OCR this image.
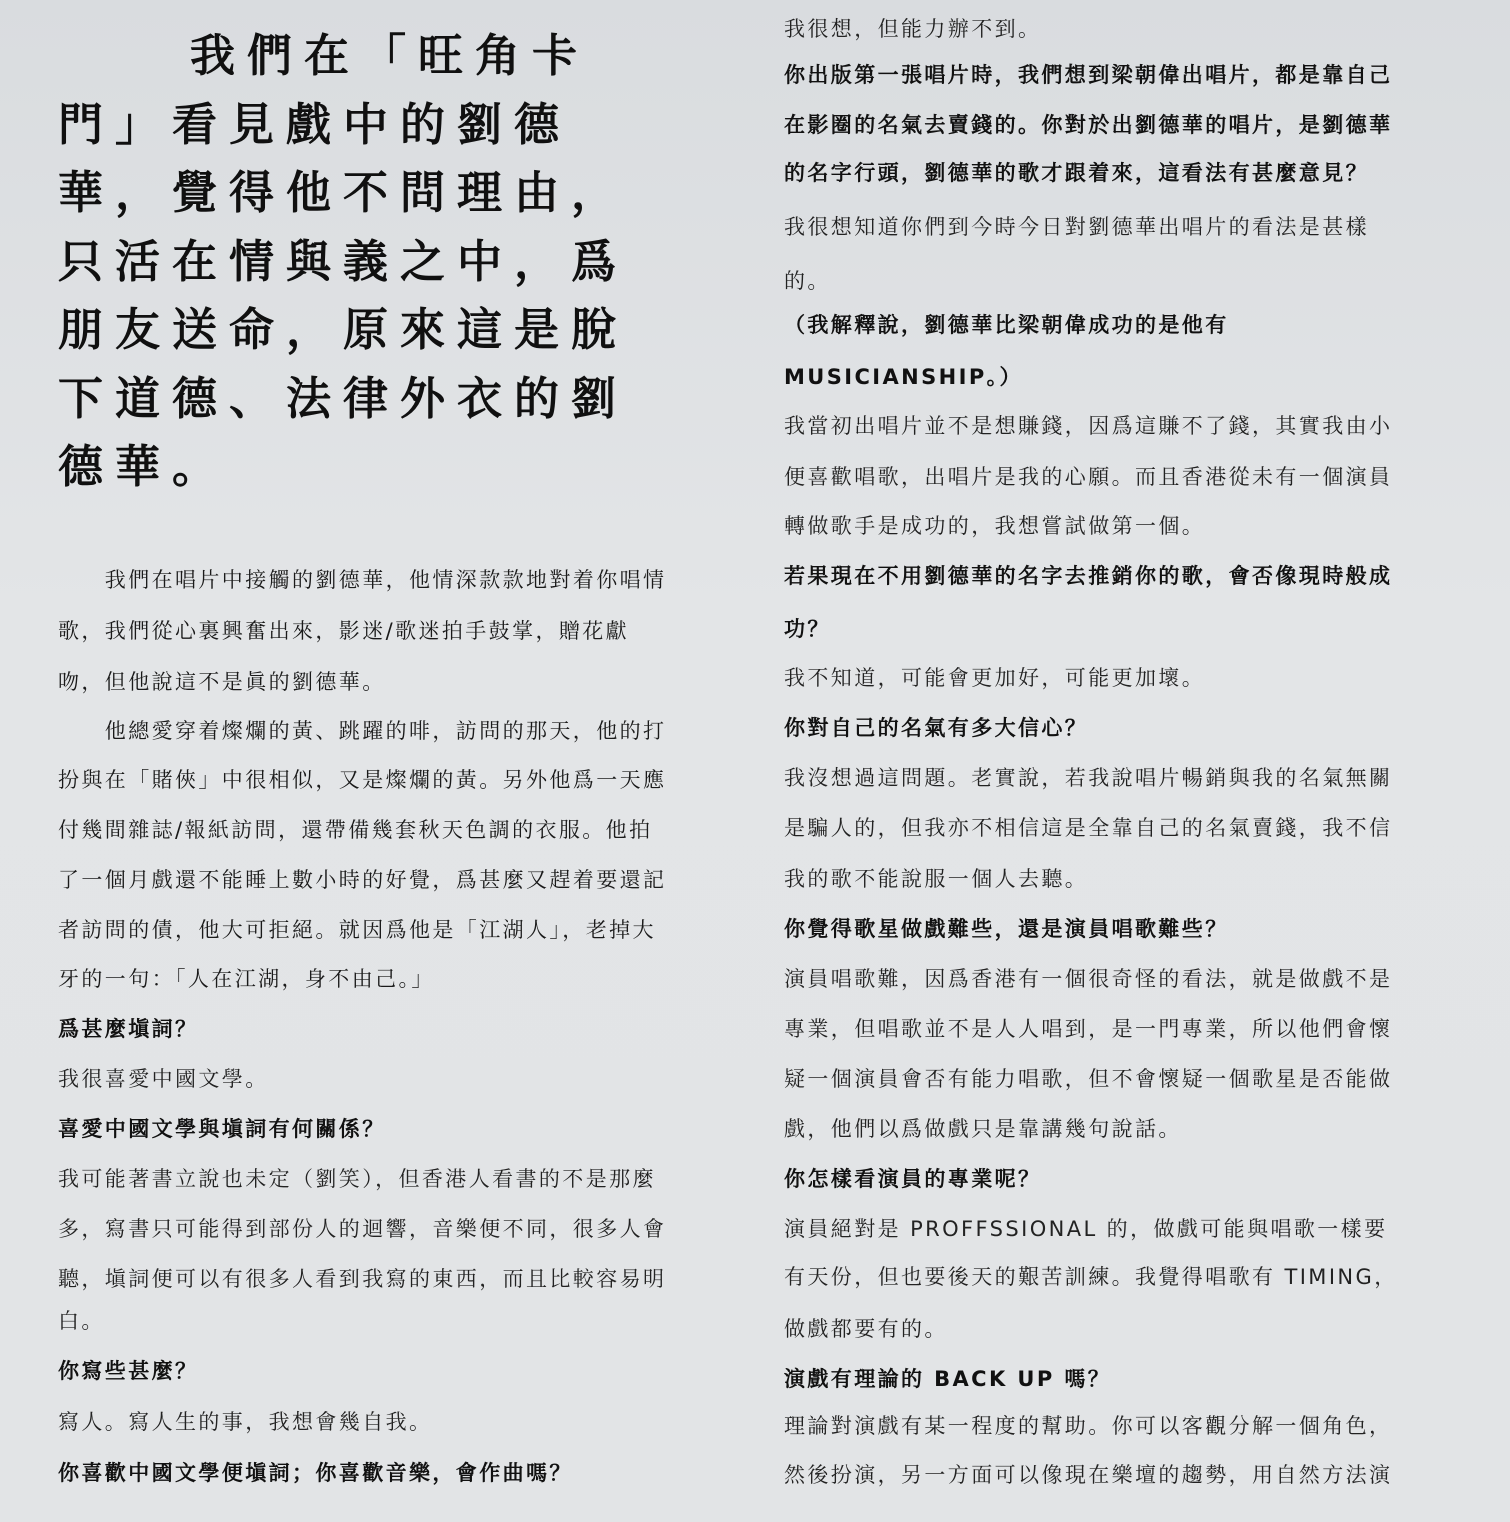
我們在「旺角卡
門」看見戲中的劉德
華，覺得他不問理由，
只活在情與義之中，爲
朋友送命，原來這是脫
下道德、法律外衣的劉
德華。
　　我們在唱片中接觸的劉德華，他情深款款地對着你唱情
歌，我們從心裏興奮出來，影迷/歌迷拍手鼓掌，贈花獻
吻，但他說這不是眞的劉德華。
　　他總愛穿着燦爛的黃、跳躍的啡，訪問的那天，他的打
扮與在「賭俠」中很相似，又是燦爛的黃。另外他爲一天應
付幾間雜誌/報紙訪問，還帶備幾套秋天色調的衣服。他拍
了一個月戲還不能睡上數小時的好覺，爲甚麼又趕着要還記
者訪問的債，他大可拒絕。就因爲他是「江湖人」，老掉大
牙的一句：「人在江湖，身不由己。」
爲甚麼塡詞？
我很喜愛中國文學。
喜愛中國文學與塡詞有何關係？
我可能著書立說也未定（劉笑），但香港人看書的不是那麼
多，寫書只可能得到部份人的迴響，音樂便不同，很多人會
聽，塡詞便可以有很多人看到我寫的東西，而且比較容易明
白。
你寫些甚麼？
寫人。寫人生的事，我想會幾自我。
你喜歡中國文學便塡詞；你喜歡音樂，會作曲嗎？
我很想，但能力辦不到。
你出版第一張唱片時，我們想到梁朝偉出唱片，都是靠自己
在影圈的名氣去賣錢的。你對於出劉德華的唱片，是劉德華
的名字行頭，劉德華的歌才跟着來，這看法有甚麼意見？
我很想知道你們到今時今日對劉德華出唱片的看法是甚樣
的。
（我解釋說，劉德華比梁朝偉成功的是他有
MUSICIANSHIP。）
我當初出唱片並不是想賺錢，因爲這賺不了錢，其實我由小
便喜歡唱歌，出唱片是我的心願。而且香港從未有一個演員
轉做歌手是成功的，我想嘗試做第一個。
若果現在不用劉德華的名字去推銷你的歌，會否像現時般成
功？
我不知道，可能會更加好，可能更加壞。
你對自己的名氣有多大信心？
我沒想過這問題。老實說，若我說唱片暢銷與我的名氣無關
是騙人的，但我亦不相信這是全靠自己的名氣賣錢，我不信
我的歌不能說服一個人去聽。
你覺得歌星做戲難些，還是演員唱歌難些？
演員唱歌難，因爲香港有一個很奇怪的看法，就是做戲不是
專業，但唱歌並不是人人唱到，是一門專業，所以他們會懷
疑一個演員會否有能力唱歌，但不會懷疑一個歌星是否能做
戲，他們以爲做戲只是靠講幾句說話。
你怎樣看演員的專業呢？
演員絕對是 PROFFSSIONAL 的，做戲可能與唱歌一樣要
有天份，但也要後天的艱苦訓練。我覺得唱歌有 TIMING，
做戲都要有的。
演戲有理論的 BACK UP 嗎？
理論對演戲有某一程度的幫助。你可以客觀分解一個角色，
然後扮演，另一方面可以像現在樂壇的趨勢，用自然方法演
